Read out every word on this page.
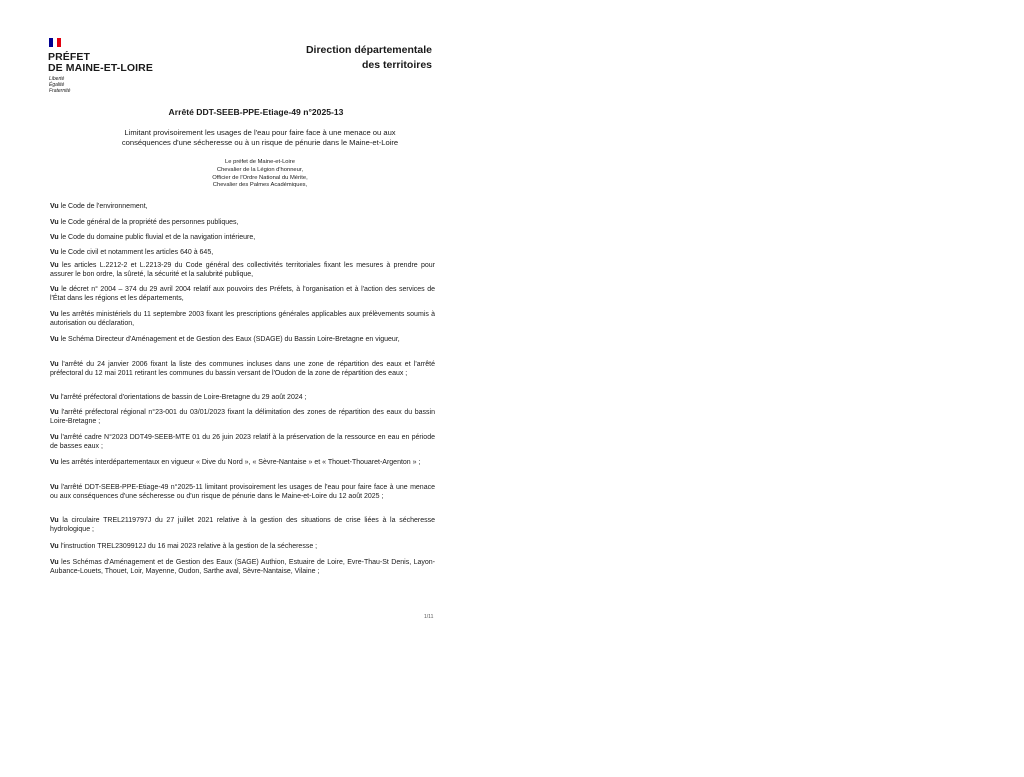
PRÉFET
DE MAINE-ET-LOIRE
Liberté
Égalité
Fraternité
Direction départementale
des territoires
Arrêté DDT-SEEB-PPE-Etiage-49 n°2025-13
Limitant provisoirement les usages de l'eau pour faire face à une menace ou aux
conséquences d'une sécheresse ou à un risque de pénurie dans le Maine-et-Loire
Le préfet de Maine-et-Loire
Chevalier de la Légion d'honneur,
Officier de l'Ordre National du Mérite,
Chevalier des Palmes Académiques,
Vu le Code de l'environnement,
Vu le Code général de la propriété des personnes publiques,
Vu le Code du domaine public fluvial et de la navigation intérieure,
Vu le Code civil et notamment les articles 640 à 645,
Vu les articles L.2212-2 et L.2213-29 du Code général des collectivités territoriales fixant les mesures à prendre pour assurer le bon ordre, la sûreté, la sécurité et la salubrité publique,
Vu le décret n° 2004 – 374 du 29 avril 2004 relatif aux pouvoirs des Préfets, à l'organisation et à l'action des services de l'État dans les régions et les départements,
Vu les arrêtés ministériels du 11 septembre 2003 fixant les prescriptions générales applicables aux prélèvements soumis à autorisation ou déclaration,
Vu le Schéma Directeur d'Aménagement et de Gestion des Eaux (SDAGE) du Bassin Loire-Bretagne en vigueur,
Vu l'arrêté du 24 janvier 2006 fixant la liste des communes incluses dans une zone de répartition des eaux et l'arrêté préfectoral du 12 mai 2011 retirant les communes du bassin versant de l'Oudon de la zone de répartition des eaux ;
Vu l'arrêté préfectoral d'orientations de bassin de Loire-Bretagne du 29 août 2024 ;
Vu l'arrêté préfectoral régional n°23-001 du 03/01/2023 fixant la délimitation des zones de répartition des eaux du bassin Loire-Bretagne ;
Vu l'arrêté cadre N°2023 DDT49-SEEB-MTE 01 du 26 juin 2023 relatif à la préservation de la ressource en eau en période de basses eaux ;
Vu les arrêtés interdépartementaux en vigueur « Dive du Nord », « Sèvre-Nantaise » et « Thouet-Thouaret-Argenton » ;
Vu l'arrêté DDT-SEEB-PPE-Etiage-49 n°2025-11 limitant provisoirement les usages de l'eau pour faire face à une menace ou aux conséquences d'une sécheresse ou d'un risque de pénurie dans le Maine-et-Loire du 12 août 2025 ;
Vu la circulaire TREL2119797J du 27 juillet 2021 relative à la gestion des situations de crise liées à la sécheresse hydrologique ;
Vu l'instruction TREL2309912J du 16 mai 2023 relative à la gestion de la sécheresse ;
Vu les Schémas d'Aménagement et de Gestion des Eaux (SAGE) Authion, Estuaire de Loire, Evre-Thau-St Denis, Layon-Aubance-Louets, Thouet, Loir, Mayenne, Oudon, Sarthe aval, Sèvre-Nantaise, Vilaine ;
1/11
